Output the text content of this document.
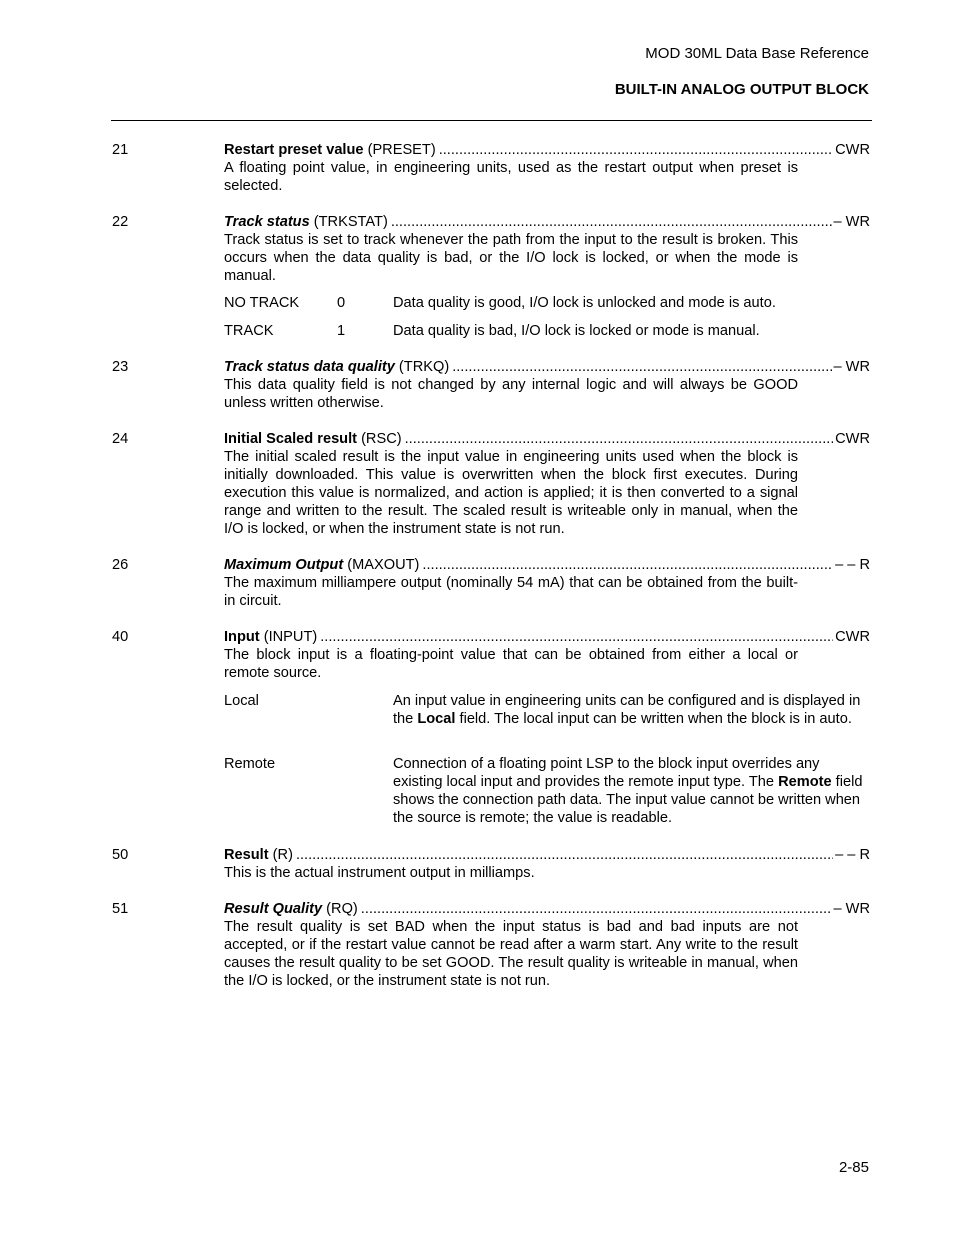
MOD 30ML Data Base Reference
BUILT-IN ANALOG OUTPUT BLOCK
21	Restart preset value (PRESET) .....	CWR
A floating point value, in engineering units, used as the restart output when preset is selected.
22	Track status (TRKSTAT) .....	– WR
Track status is set to track whenever the path from the input to the result is broken. This occurs when the data quality is bad, or the I/O lock is locked, or when the mode is manual.
NO TRACK	0	Data quality is good, I/O lock is unlocked and mode is auto.
TRACK	1	Data quality is bad, I/O lock is locked or mode is manual.
23	Track status data quality (TRKQ) .....	– WR
This data quality field is not changed by any internal logic and will always be GOOD unless written otherwise.
24	Initial Scaled result (RSC) .....	CWR
The initial scaled result is the input value in engineering units used when the block is initially downloaded. This value is overwritten when the block first executes. During execution this value is normalized, and action is applied; it is then converted to a signal range and written to the result. The scaled result is writeable only in manual, when the I/O is locked, or when the instrument state is not run.
26	Maximum Output (MAXOUT) .....	– – R
The maximum milliampere output (nominally 54 mA) that can be obtained from the built-in circuit.
40	Input (INPUT) .....	CWR
The block input is a floating-point value that can be obtained from either a local or remote source.
Local	An input value in engineering units can be configured and is displayed in the Local field. The local input can be written when the block is in auto.
Remote	Connection of a floating point LSP to the block input overrides any existing local input and provides the remote input type. The Remote field shows the connection path data. The input value cannot be written when the source is remote; the value is readable.
50	Result (R) .....	– – R
This is the actual instrument output in milliamps.
51	Result Quality (RQ) .....	– WR
The result quality is set BAD when the input status is bad and bad inputs are not accepted, or if the restart value cannot be read after a warm start. Any write to the result causes the result quality to be set GOOD. The result quality is writeable in manual, when the I/O is locked, or the instrument state is not run.
2-85
